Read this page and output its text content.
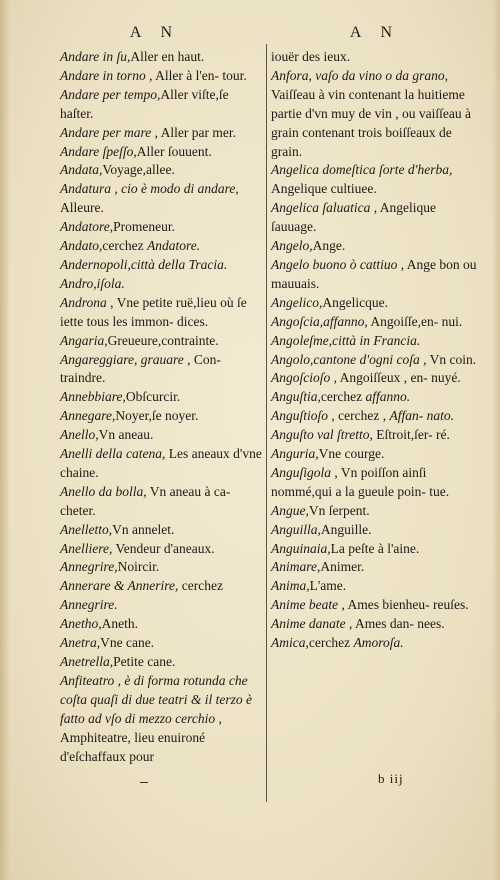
A N	A N

Andare in ſu,Aller en haut.

Andare in torno , Aller à l'en- tour.

Andare per tempo,Aller viſte,ſe haſter.

Andare per mare , Aller par mer.

Andare ſpeſſo,Aller ſouuent.

Andata,Voyage,allee.

Andatura , cio è modo di andare, Alleure.

Andatore,Promeneur.

Andato,cerchez Andatore.

Andernopoli,città della Tracia.

Andro,iſola.

Androna , Vne petite ruë,lieu où ſe iette tous les immon- dices.

Angaria,Greueure,contrainte.

Angareggiare, grauare , Con- traindre.

Annebbiare,Obſcurcir.

Annegare,Noyer,ſe noyer.

Anello,Vn aneau.

Anelli della catena, Les aneaux d'vne chaine.

Anello da bolla, Vn aneau à ca- cheter.

Anelletto,Vn annelet.

Anelliere, Vendeur d'aneaux.

Annegrire,Noircir.

Annerare & Annerire, cerchez Annegrire.

Anetho,Aneth.

Anetra,Vne cane.

Anetrella,Petite cane.

Anfiteatro , è di forma rotunda che coſta quaſi di due teatri & il terzo è fatto ad vſo di mezzo cerchio , Amphiteatre, lieu enuironé d'eſchaffaux pour

iouër des ieux.

Anfora, vaſo da vino o da grano, Vaiſſeau à vin contenant la huitieme partie d'vn muy de vin , ou vaiſſeau à grain contenant trois boiſſeaux de grain.

Angelica domeſtica ſorte d'herba, Angelique cultiuee.

Angelica ſaluatica , Angelique ſauuage.

Angelo,Ange.

Angelo buono ò cattiuo , Ange bon ou mauuais.

Angelico,Angelicque.

Angoſcia,affanno, Angoiſſe,en- nui.

Angoleſme,città in Francia.

Angolo,cantone d'ogni coſa , Vn coin.

Angoſcioſo , Angoiſſeux , en- nuyé.

Anguſtia,cerchez affanno.

Anguſtioſo , cerchez , Affan- nato.

Anguſto val ſtretto, Eſtroit,ſer- ré.

Anguria,Vne courge.

Anguſigola , Vn poiſſon ainſi nommé,qui a la gueule poin- tue.

Angue,Vn ſerpent.

Anguilla,Anguille.

Anguinaia,La peſte à l'aine.

Animare,Animer.

Anima,L'ame.

Anime beate , Ames bienheu- reuſes.

Anime danate , Ames dan- nees.

Amica,cerchez Amoroſa.

b iij
